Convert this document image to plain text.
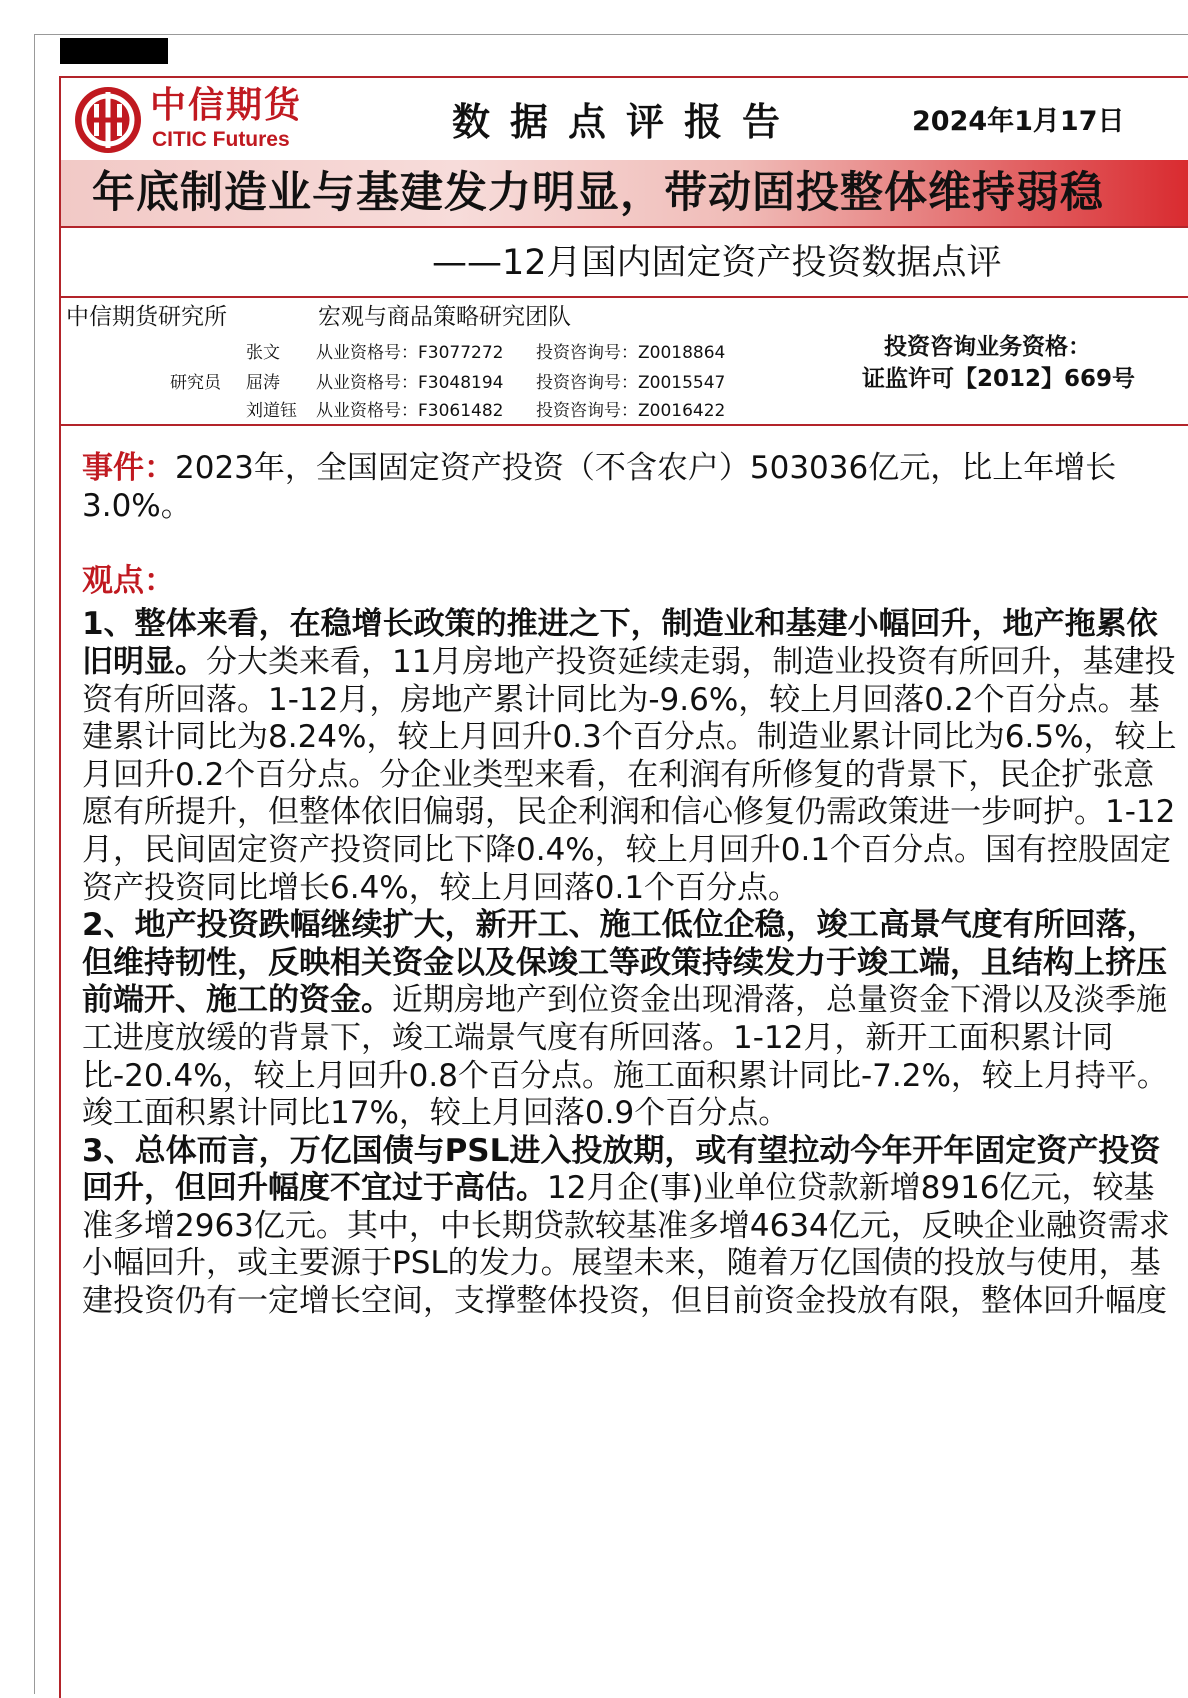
中信期货
CITIC Futures	数据点评报告	2024年1月17日
年底制造业与基建发力明显，带动固投整体维持弱稳
——12月国内固定资产投资数据点评
中信期货研究所	宏观与商品策略研究团队
研究员
张文 从业资格号：F3077272 投资咨询号：Z0018864
屈涛 从业资格号：F3048194 投资咨询号：Z0015547
刘道钰 从业资格号：F3061482 投资咨询号：Z0016422
投资咨询业务资格：
证监许可【2012】669号

事件：2023年，全国固定资产投资（不含农户）503036亿元，比上年增长3.0%。

观点：

1、整体来看，在稳增长政策的推进之下，制造业和基建小幅回升，地产拖累依旧明显。分大类来看，11月房地产投资延续走弱，制造业投资有所回升，基建投资有所回落。1-12月，房地产累计同比为-9.6%，较上月回落0.2个百分点。基建累计同比为8.24%，较上月回升0.3个百分点。制造业累计同比为6.5%，较上月回升0.2个百分点。分企业类型来看，在利润有所修复的背景下，民企扩张意愿有所提升，但整体依旧偏弱，民企利润和信心修复仍需政策进一步呵护。1-12月，民间固定资产投资同比下降0.4%，较上月回升0.1个百分点。国有控股固定资产投资同比增长6.4%，较上月回落0.1个百分点。

2、地产投资跌幅继续扩大，新开工、施工低位企稳，竣工高景气度有所回落，但维持韧性，反映相关资金以及保竣工等政策持续发力于竣工端，且结构上挤压前端开、施工的资金。近期房地产到位资金出现滑落，总量资金下滑以及淡季施工进度放缓的背景下，竣工端景气度有所回落。1-12月，新开工面积累计同比-20.4%，较上月回升0.8个百分点。施工面积累计同比-7.2%，较上月持平。竣工面积累计同比17%，较上月回落0.9个百分点。

3、总体而言，万亿国债与PSL进入投放期，或有望拉动今年开年固定资产投资回升，但回升幅度不宜过于高估。12月企(事)业单位贷款新增8916亿元，较基准多增2963亿元。其中，中长期贷款较基准多增4634亿元，反映企业融资需求小幅回升，或主要源于PSL的发力。展望未来，随着万亿国债的投放与使用，基建投资仍有一定增长空间，支撑整体投资，但目前资金投放有限，整体回升幅度
